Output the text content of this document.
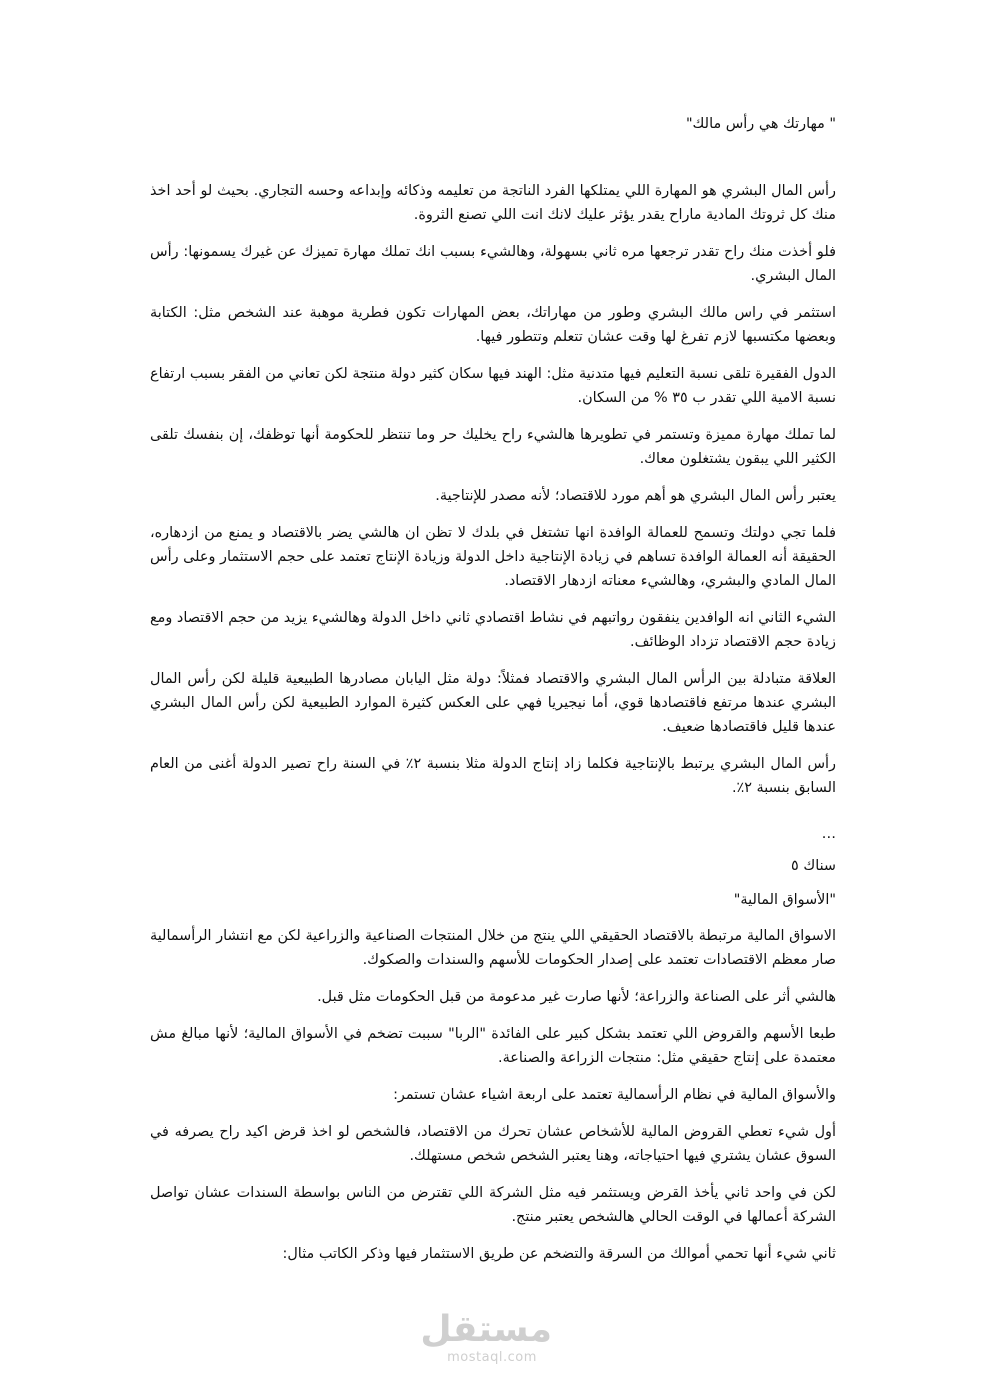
" مهارتك هي رأس مالك"

رأس المال البشري هو المهارة اللي يمتلكها الفرد الناتجة من تعليمه وذكائه وإبداعه وحسه التجاري. بحيث لو أحد اخذ منك كل ثروتك المادية ماراح يقدر يؤثر عليك لانك انت اللي تصنع الثروة.

فلو أخذت منك راح تقدر ترجعها مره ثاني بسهولة، وهالشيء بسبب انك تملك مهارة تميزك عن غيرك يسمونها: رأس المال البشري.

استثمر في راس مالك البشري وطور من مهاراتك، بعض المهارات تكون فطرية موهبة عند الشخص مثل: الكتابة وبعضها مكتسبها لازم تفرغ لها وقت عشان تتعلم وتتطور فيها.

الدول الفقيرة تلقى نسبة التعليم فيها متدنية مثل: الهند فيها سكان كثير دولة منتجة لكن تعاني من الفقر بسبب ارتفاع نسبة الامية اللي تقدر ب ٣٥ % من السكان.

لما تملك مهارة مميزة وتستمر في تطويرها هالشيء راح يخليك حر وما تنتظر للحكومة أنها توظفك، إن بنفسك تلقى الكثير اللي يبقون يشتغلون معاك.

يعتبر رأس المال البشري هو أهم مورد للاقتصاد؛ لأنه مصدر للإنتاجية.

فلما تجي دولتك وتسمح للعمالة الوافدة انها تشتغل في بلدك لا تظن ان هالشي يضر بالاقتصاد و يمنع من ازدهاره، الحقيقة أنه العمالة الوافدة تساهم في زيادة الإنتاجية داخل الدولة وزيادة الإنتاج تعتمد على حجم الاستثمار وعلى رأس المال المادي والبشري، وهالشيء معناته ازدهار الاقتصاد.

الشيء الثاني انه الوافدين ينفقون رواتبهم في نشاط اقتصادي ثاني داخل الدولة وهالشيء يزيد من حجم الاقتصاد ومع زيادة حجم الاقتصاد تزداد الوظائف.

العلاقة متبادلة بين الرأس المال البشري والاقتصاد فمثلاً: دولة مثل اليابان مصادرها الطبيعية قليلة لكن رأس المال البشري عندها مرتفع فاقتصادها قوي، أما نيجيريا فهي على العكس كثيرة الموارد الطبيعية لكن رأس المال البشري عندها قليل فاقتصادها ضعيف.

رأس المال البشري يرتبط بالإنتاجية فكلما زاد إنتاج الدولة مثلا بنسبة ٢٪ في السنة راح تصير الدولة أغنى من العام السابق بنسبة ٢٪.

…
سناك ٥
"الأسواق المالية"

الاسواق المالية مرتبطة بالاقتصاد الحقيقي اللي ينتج من خلال المنتجات الصناعية والزراعية لكن مع انتشار الرأسمالية صار معظم الاقتصادات تعتمد على إصدار الحكومات للأسهم والسندات والصكوك.

هالشي أثر على الصناعة والزراعة؛ لأنها صارت غير مدعومة من قبل الحكومات مثل قبل.

طبعا الأسهم والقروض اللي تعتمد بشكل كبير على الفائدة "الربا" سببت تضخم في الأسواق المالية؛ لأنها مبالغ مش معتمدة على إنتاج حقيقي مثل: منتجات الزراعة والصناعة.

والأسواق المالية في نظام الرأسمالية تعتمد على اربعة اشياء عشان تستمر:

أول شيء تعطي القروض المالية للأشخاص عشان تحرك من الاقتصاد، فالشخص لو اخذ قرض اكيد راح يصرفه في السوق عشان يشتري فيها احتياجاته، وهنا يعتبر الشخص شخص مستهلك.

لكن في واحد ثاني يأخذ القرض ويستثمر فيه مثل الشركة اللي تقترض من الناس بواسطة السندات عشان تواصل الشركة أعمالها في الوقت الحالي هالشخص يعتبر منتج.

ثاني شيء أنها تحمي أموالك من السرقة والتضخم عن طريق الاستثمار فيها وذكر الكاتب مثال:

مستقل
mostaql.com
